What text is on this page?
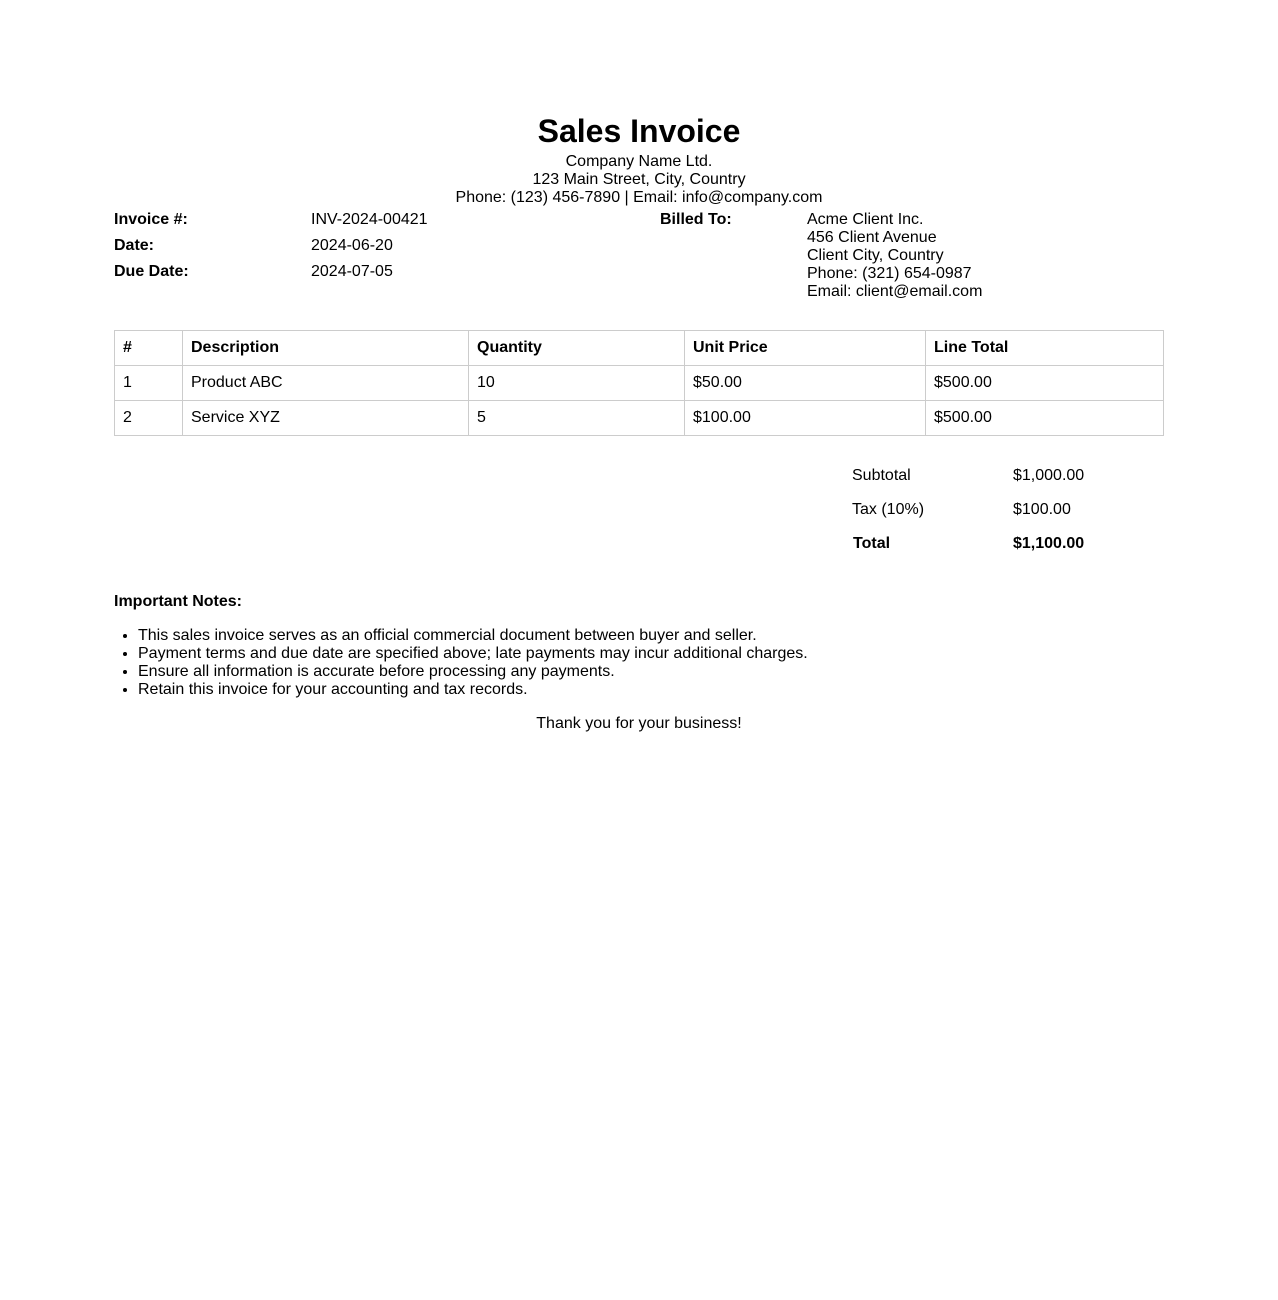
Sales Invoice
Company Name Ltd.
123 Main Street, City, Country
Phone: (123) 456-7890 | Email: info@company.com
Invoice #:	INV-2024-00421
Date:	2024-06-20
Due Date:	2024-07-05
Billed To:	Acme Client Inc.
456 Client Avenue
Client City, Country
Phone: (321) 654-0987
Email: client@email.com
#	Description	Quantity	Unit Price	Line Total
1	Product ABC	10	$50.00	$500.00
2	Service XYZ	5	$100.00	$500.00
Subtotal	$1,000.00
Tax (10%)	$100.00
Total	$1,100.00
Important Notes:
• This sales invoice serves as an official commercial document between buyer and seller.
• Payment terms and due date are specified above; late payments may incur additional charges.
• Ensure all information is accurate before processing any payments.
• Retain this invoice for your accounting and tax records.
Thank you for your business!
